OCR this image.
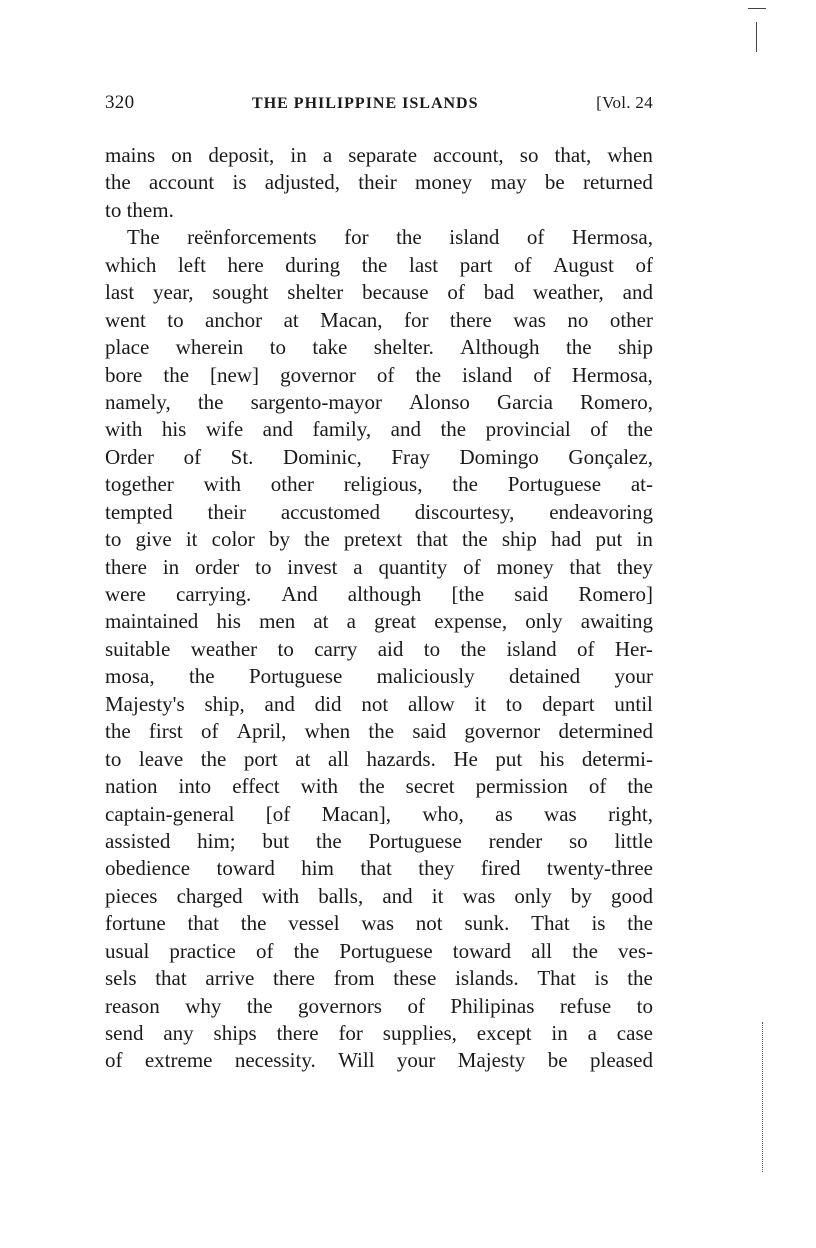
320	THE PHILIPPINE ISLANDS	[Vol. 24
mains on deposit, in a separate account, so that, when
the account is adjusted, their money may be returned
to them.
The reënforcements for the island of Hermosa,
which left here during the last part of August of
last year, sought shelter because of bad weather, and
went to anchor at Macan, for there was no other
place wherein to take shelter. Although the ship
bore the [new] governor of the island of Hermosa,
namely, the sargento-mayor Alonso Garcia Romero,
with his wife and family, and the provincial of the
Order of St. Dominic, Fray Domingo Gonçalez,
together with other religious, the Portuguese at-
tempted their accustomed discourtesy, endeavoring
to give it color by the pretext that the ship had put in
there in order to invest a quantity of money that they
were carrying. And although [the said Romero]
maintained his men at a great expense, only awaiting
suitable weather to carry aid to the island of Her-
mosa, the Portuguese maliciously detained your
Majesty's ship, and did not allow it to depart until
the first of April, when the said governor determined
to leave the port at all hazards. He put his determi-
nation into effect with the secret permission of the
captain-general [of Macan], who, as was right,
assisted him; but the Portuguese render so little
obedience toward him that they fired twenty-three
pieces charged with balls, and it was only by good
fortune that the vessel was not sunk. That is the
usual practice of the Portuguese toward all the ves-
sels that arrive there from these islands. That is the
reason why the governors of Philipinas refuse to
send any ships there for supplies, except in a case
of extreme necessity. Will your Majesty be pleased
